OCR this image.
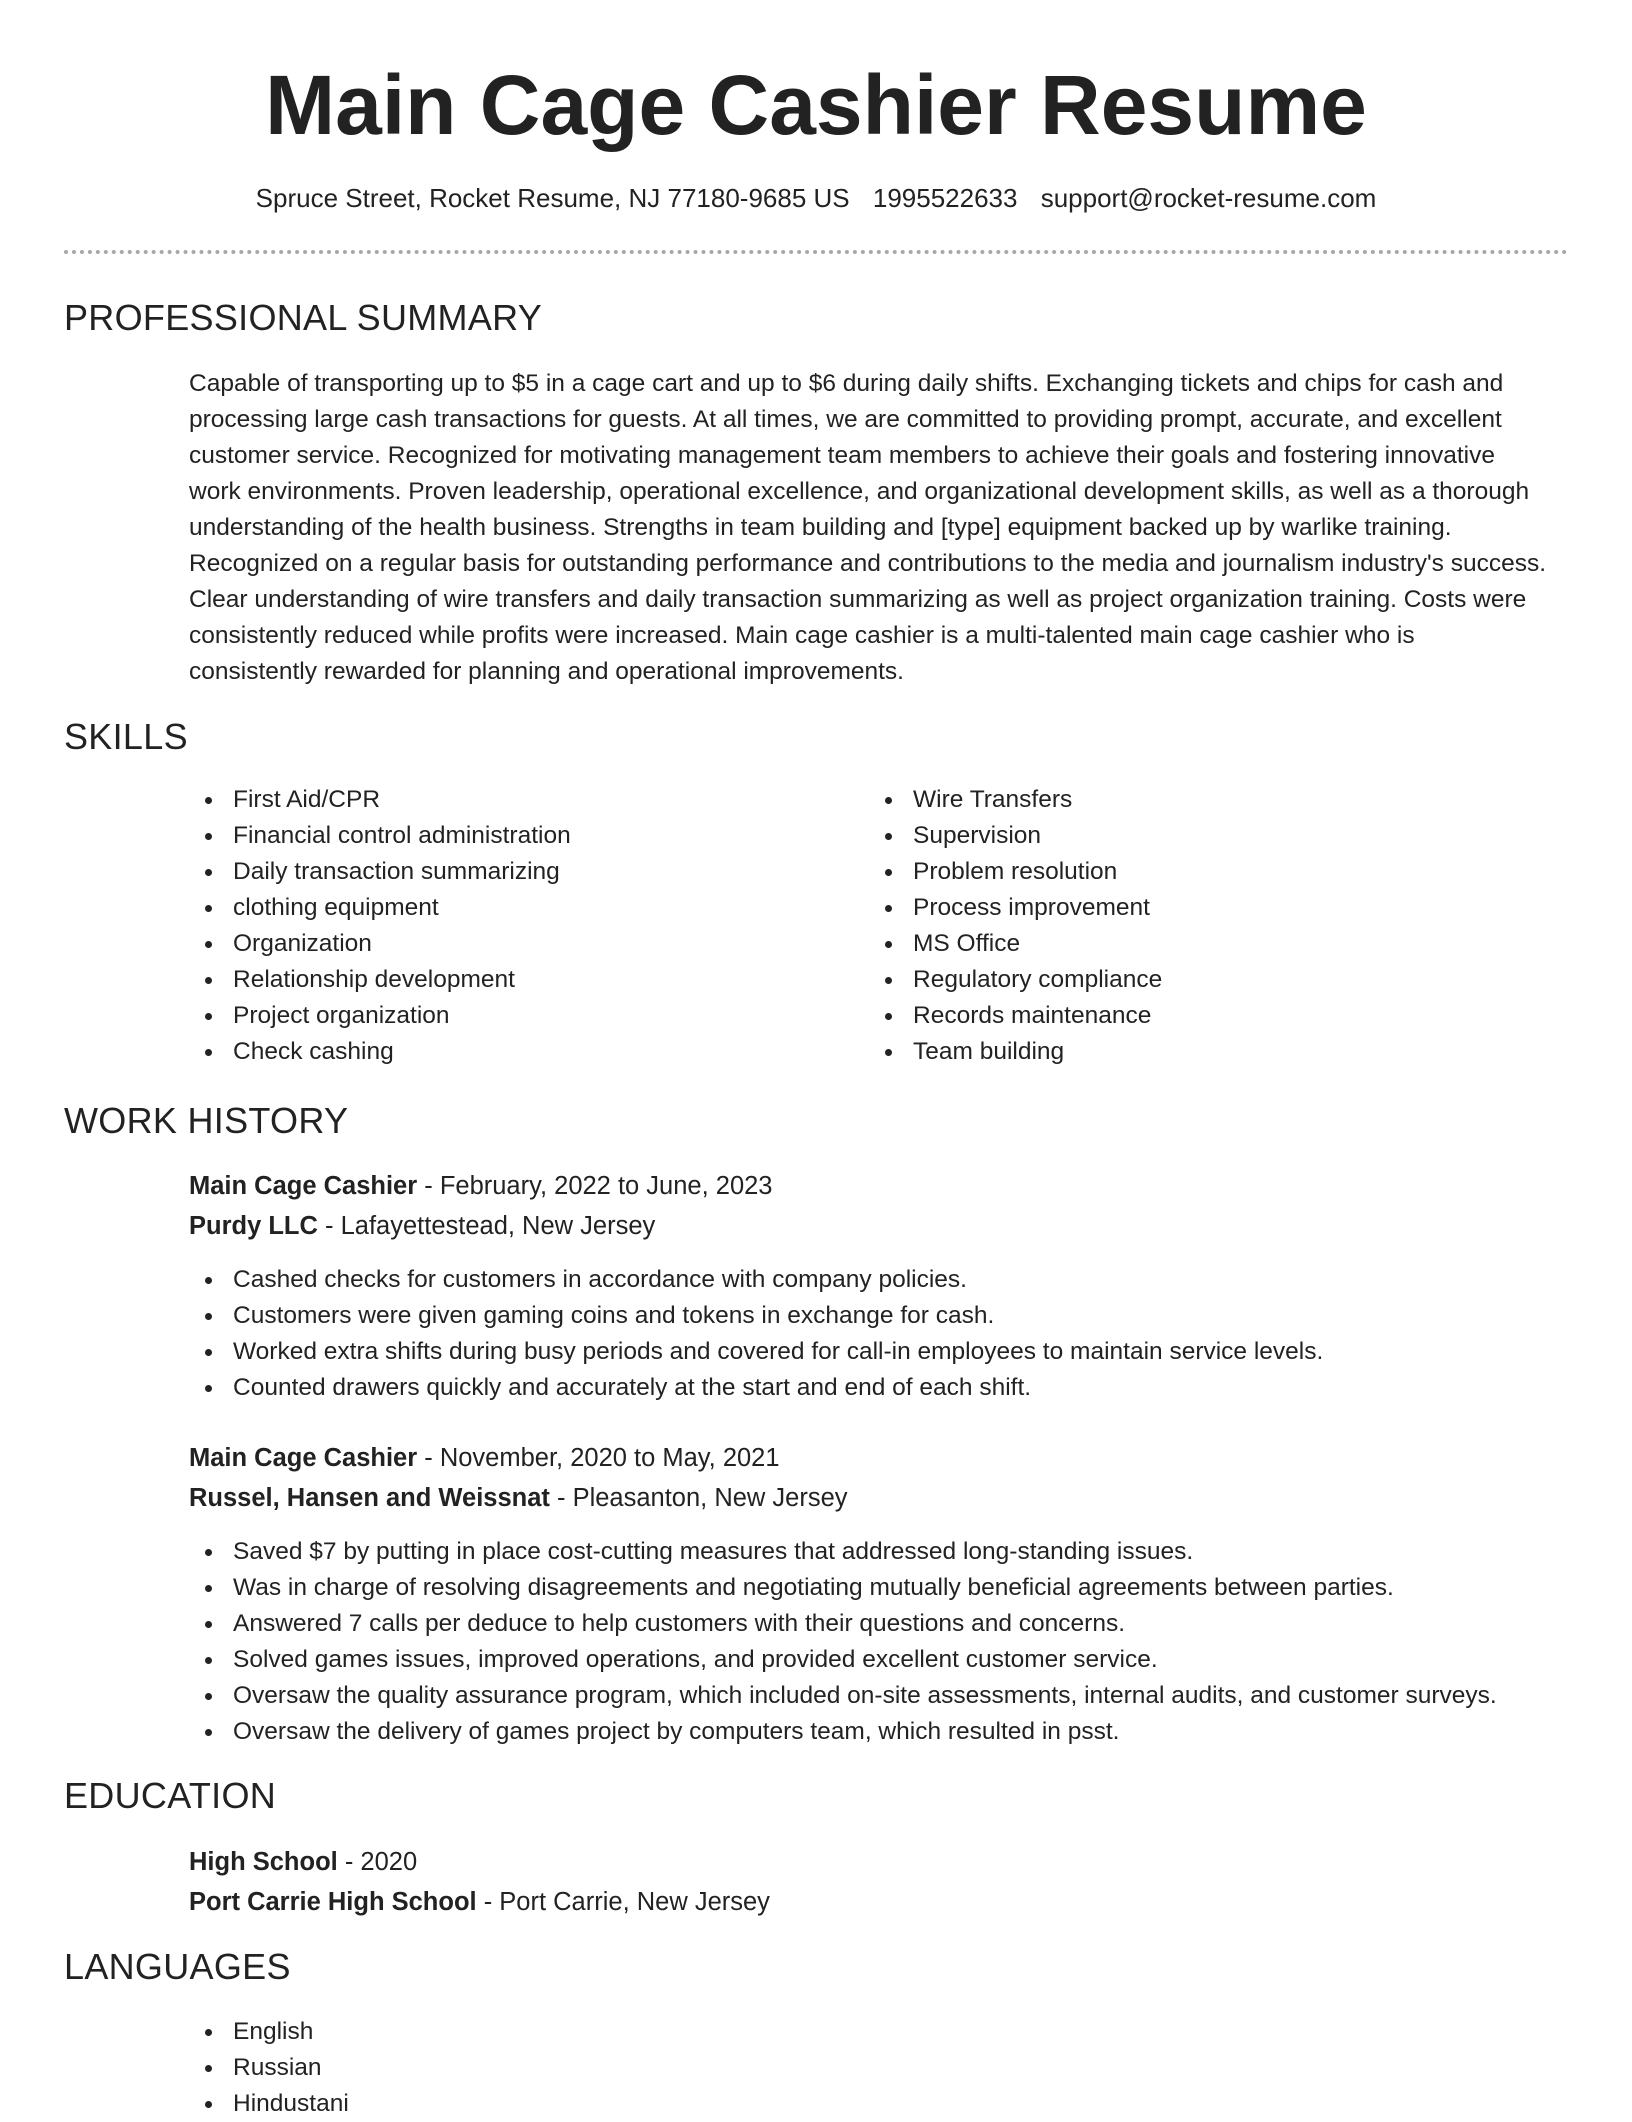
Main Cage Cashier Resume
Spruce Street, Rocket Resume, NJ 77180-9685 US 1995522633 support@rocket-resume.com
PROFESSIONAL SUMMARY

Capable of transporting up to $5 in a cage cart and up to $6 during daily shifts. Exchanging tickets and chips for cash and processing large cash transactions for guests. At all times, we are committed to providing prompt, accurate, and excellent customer service. Recognized for motivating management team members to achieve their goals and fostering innovative work environments. Proven leadership, operational excellence, and organizational development skills, as well as a thorough understanding of the health business. Strengths in team building and [type] equipment backed up by warlike training. Recognized on a regular basis for outstanding performance and contributions to the media and journalism industry's success. Clear understanding of wire transfers and daily transaction summarizing as well as project organization training. Costs were consistently reduced while profits were increased. Main cage cashier is a multi-talented main cage cashier who is consistently rewarded for planning and operational improvements.

SKILLS
First Aid/CPR
Financial control administration
Daily transaction summarizing
clothing equipment
Organization
Relationship development
Project organization
Check cashing
Wire Transfers
Supervision
Problem resolution
Process improvement
MS Office
Regulatory compliance
Records maintenance
Team building
WORK HISTORY
Main Cage Cashier - February, 2022 to June, 2023
Purdy LLC - Lafayettestead, New Jersey
Cashed checks for customers in accordance with company policies.
Customers were given gaming coins and tokens in exchange for cash.
Worked extra shifts during busy periods and covered for call-in employees to maintain service levels.
Counted drawers quickly and accurately at the start and end of each shift.
Main Cage Cashier - November, 2020 to May, 2021
Russel, Hansen and Weissnat - Pleasanton, New Jersey
Saved $7 by putting in place cost-cutting measures that addressed long-standing issues.
Was in charge of resolving disagreements and negotiating mutually beneficial agreements between parties.
Answered 7 calls per deduce to help customers with their questions and concerns.
Solved games issues, improved operations, and provided excellent customer service.
Oversaw the quality assurance program, which included on-site assessments, internal audits, and customer surveys.
Oversaw the delivery of games project by computers team, which resulted in psst.
EDUCATION
High School - 2020
Port Carrie High School - Port Carrie, New Jersey
LANGUAGES
English
Russian
Hindustani
